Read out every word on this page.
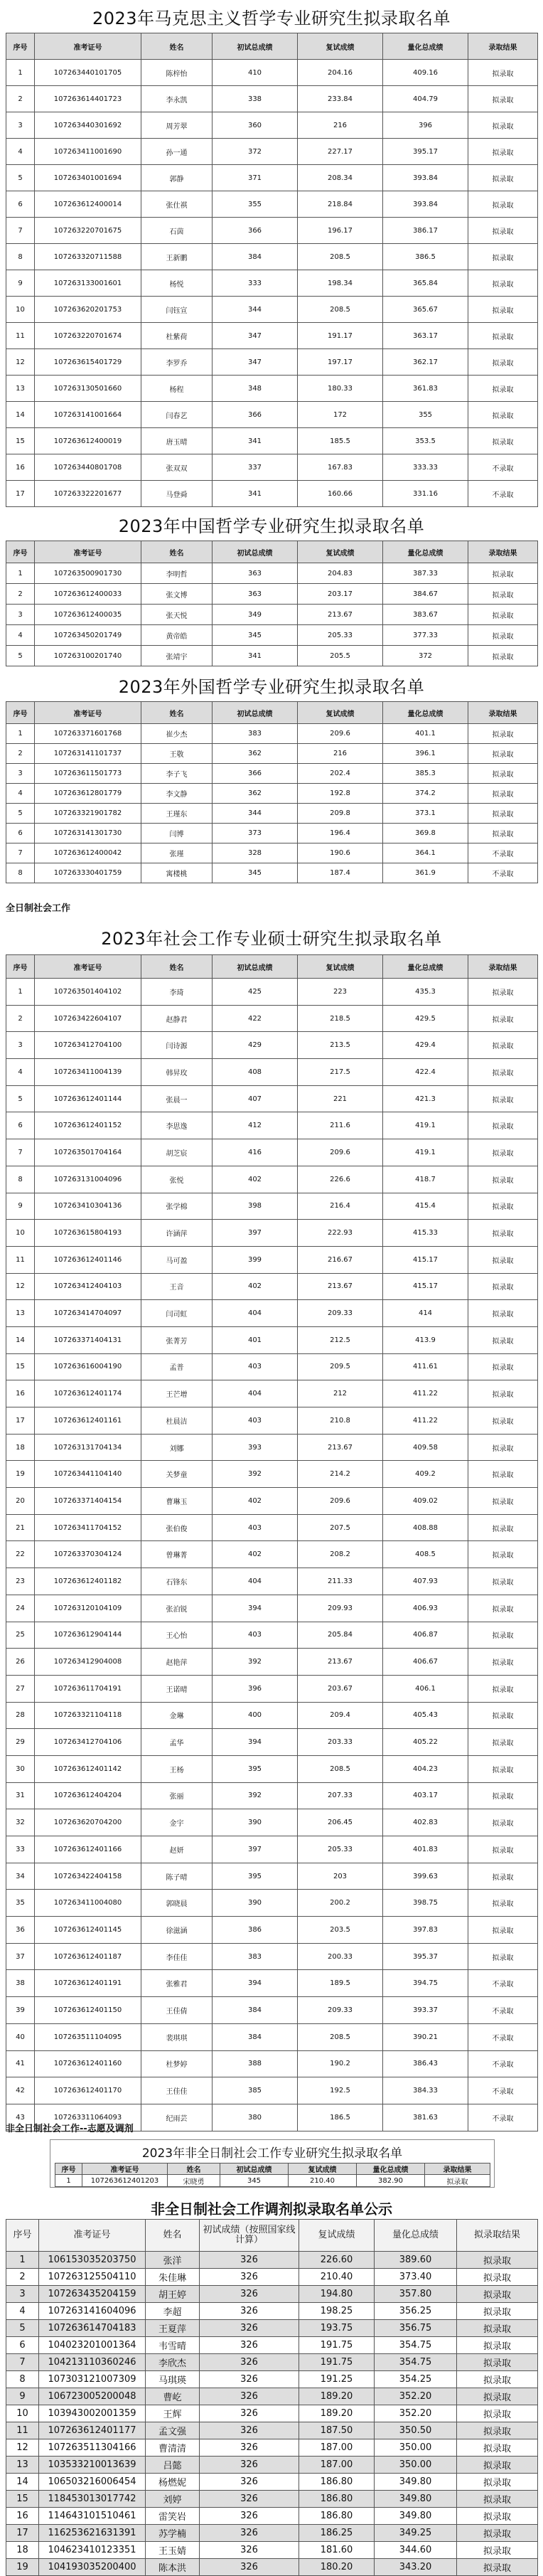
2023年马克思主义哲学专业研究生拟录取名单
序号	准考证号	姓名	初试总成绩	复试成绩	量化总成绩	录取结果
1	107263440101705	陈梓怡	410	204.16	409.16	拟录取
2	107263614401723	李永凯	338	233.84	404.79	拟录取
3	107263440301692	周芳翠	360	216	396	拟录取
4	107263411001690	孙一通	372	227.17	395.17	拟录取
5	107263401001694	郭静	371	208.34	393.84	拟录取
6	107263612400014	张仕祺	355	218.84	393.84	拟录取
7	107263220701675	石茵	366	196.17	386.17	拟录取
8	107263320711588	王新鹏	384	208.5	386.5	拟录取
9	107263133001601	杨悦	333	198.34	365.84	拟录取
10	107263620201753	闫钰宣	344	208.5	365.67	拟录取
11	107263220701674	杜紫荷	347	191.17	363.17	拟录取
12	107263615401729	李罗乔	347	197.17	362.17	拟录取
13	107263130501660	杨程	348	180.33	361.83	拟录取
14	107263141001664	闫春艺	366	172	355	拟录取
15	107263612400019	唐玉晴	341	185.5	353.5	拟录取
16	107263440801708	张双双	337	167.83	333.33	不录取
17	107263322201677	马登舜	341	160.66	331.16	不录取
2023年中国哲学专业研究生拟录取名单
序号	准考证号	姓名	初试总成绩	复试成绩	量化总成绩	录取结果
1	107263500901730	李明哲	363	204.83	387.33	拟录取
2	107263612400033	张文博	363	203.17	384.67	拟录取
3	107263612400035	张天悦	349	213.67	383.67	拟录取
4	107263450201749	黄帝皓	345	205.33	377.33	拟录取
5	107263100201740	张靖宇	341	205.5	372	拟录取
2023年外国哲学专业研究生拟录取名单
序号	准考证号	姓名	初试总成绩	复试成绩	量化总成绩	录取结果
1	107263371601768	崔少杰	383	209.6	401.1	拟录取
2	107263141101737	王敬	362	216	396.1	拟录取
3	107263611501773	李子飞	366	202.4	385.3	拟录取
4	107263612801779	李文静	362	192.8	374.2	拟录取
5	107263321901782	王瑾东	344	209.8	373.1	拟录取
6	107263141301730	闫博	373	196.4	369.8	拟录取
7	107263612400042	张瑾	328	190.6	364.1	不录取
8	107263330401759	寓楼桃	345	187.4	361.9	不录取
全日制社会工作
2023年社会工作专业硕士研究生拟录取名单
序号	准考证号	姓名	初试总成绩	复试成绩	量化总成绩	录取结果
1	107263501404102	李琦	425	223	435.3	拟录取
2	107263422604107	赵静君	422	218.5	429.5	拟录取
3	107263412704100	闫诗源	429	213.5	429.4	拟录取
4	107263411004139	韩昇玫	408	217.5	422.4	拟录取
5	107263612401144	张晨一	407	221	421.3	拟录取
6	107263612401152	李思逸	412	211.6	419.1	拟录取
7	107263501704164	胡芝宸	416	209.6	419.1	拟录取
8	107263131004096	张悦	402	226.6	418.7	拟录取
9	107263410304136	张学棉	398	216.4	415.4	拟录取
10	107263615804193	许涵萍	397	222.93	415.33	拟录取
11	107263612401146	马可盈	399	216.67	415.17	拟录取
12	107263412404103	王音	402	213.67	415.17	拟录取
13	107263414704097	闫司虹	404	209.33	414	拟录取
14	107263371404131	张菁芳	401	212.5	413.9	拟录取
15	107263616004190	孟普	403	209.5	411.61	拟录取
16	107263612401174	王芒增	404	212	411.22	拟录取
17	107263612401161	杜晨洁	403	210.8	411.22	拟录取
18	107263131704134	刘娜	393	213.67	409.58	拟录取
19	107263441104140	关梦童	392	214.2	409.2	拟录取
20	107263371404154	曹琳玉	402	209.6	409.02	拟录取
21	107263411704152	张伯俊	403	207.5	408.88	拟录取
22	107263370304124	曾琳菁	402	208.2	408.5	拟录取
23	107263612401182	石锋东	404	211.33	407.93	拟录取
24	107263120104109	张泊锐	394	209.93	406.93	拟录取
25	107263612904144	王心怡	403	205.84	406.87	拟录取
26	107263412904008	赵艳萍	392	213.67	406.67	拟录取
27	107263611704191	王诺晴	396	203.67	406.1	拟录取
28	107263321104118	金琳	400	209.4	405.43	拟录取
29	107263412704106	孟华	394	203.33	405.22	拟录取
30	107263612401142	王杨	395	208.5	404.23	拟录取
31	107263612404204	张丽	392	207.33	403.17	拟录取
32	107263620704200	金宇	390	206.45	402.83	拟录取
33	107263612401166	赵妍	397	205.33	401.83	拟录取
34	107263422404158	陈子晴	395	203	399.63	拟录取
35	107263411004080	郭晓晨	390	200.2	398.75	拟录取
36	107263612401145	徐滋涵	386	203.5	397.83	拟录取
37	107263612401187	李佳佳	383	200.33	395.37	拟录取
38	107263612401191	张雅君	394	189.5	394.75	不录取
39	107263612401150	王佳倩	384	209.33	393.37	不录取
40	107263511104095	裴琪琪	384	208.5	390.21	不录取
41	107263612401160	杜梦婷	388	190.2	386.43	不录取
42	107263612401170	王佳佳	385	192.5	384.33	不录取
43	107263311064093	纪雨芸	380	186.5	381.63	不录取
非全日制社会工作--志愿及调剂
2023年非全日制社会工作专业研究生拟录取名单
序号	准考证号	姓名	初试总成绩	复试成绩	量化总成绩	录取结果
1	107263612401203	宋晓勇	345	210.40	382.90	拟录取
非全日制社会工作调剂拟录取名单公示
序号	准考证号	姓名	初试成绩（按照国家线计算）	复试成绩	量化总成绩	拟录取结果
1	106153035203750	张洋	326	226.60	389.60	拟录取
2	107263125504110	朱佳琳	326	210.40	373.40	拟录取
3	107263435204159	胡王婷	326	194.80	357.80	拟录取
4	107263141604096	李超	326	198.25	356.25	拟录取
5	107263614704183	王夏萍	326	193.75	356.75	拟录取
6	104023201001364	韦雪晴	326	191.75	354.75	拟录取
7	104213110360246	李欣杰	326	191.75	354.75	拟录取
8	107303121007309	马琪瑛	326	191.25	354.25	拟录取
9	106723005200048	曹屹	326	189.20	352.20	拟录取
10	103943002001359	王辉	326	189.20	352.20	拟录取
11	107263612401177	孟文强	326	187.50	350.50	拟录取
12	107263511304166	曹清清	326	187.00	350.00	拟录取
13	103533210013639	吕懿	326	187.00	350.00	拟录取
14	106503216006454	杨燃妮	326	186.80	349.80	拟录取
15	118453013017742	刘婷	326	186.80	349.80	拟录取
16	114643101510461	雷笑岩	326	186.80	349.80	拟录取
17	116253621631391	苏学楠	326	186.25	349.25	拟录取
18	104623410123351	王玉婧	326	181.60	344.60	拟录取
19	104193035200400	陈本洪	326	180.20	343.20	拟录取
